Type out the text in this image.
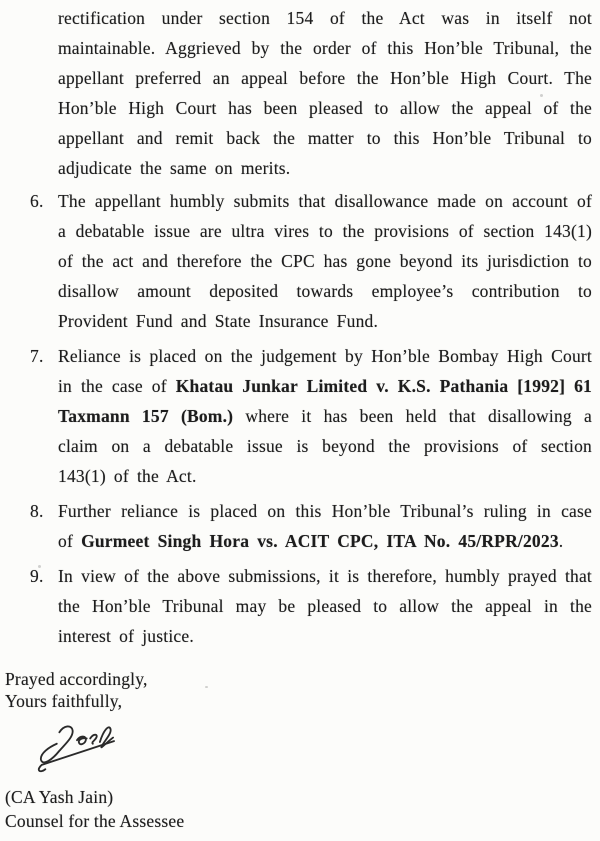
rectification under section 154 of the Act was in itself not maintainable. Aggrieved by the order of this Hon’ble Tribunal, the appellant preferred an appeal before the Hon’ble High Court. The Hon’ble High Court has been pleased to allow the appeal of the appellant and remit back the matter to this Hon’ble Tribunal to adjudicate the same on merits.

6. The appellant humbly submits that disallowance made on account of a debatable issue are ultra vires to the provisions of section 143(1) of the act and therefore the CPC has gone beyond its jurisdiction to disallow amount deposited towards employee’s contribution to Provident Fund and State Insurance Fund.
7. Reliance is placed on the judgement by Hon’ble Bombay High Court in the case of Khatau Junkar Limited v. K.S. Pathania [1992] 61 Taxmann 157 (Bom.) where it has been held that disallowing a claim on a debatable issue is beyond the provisions of section 143(1) of the Act.
8. Further reliance is placed on this Hon’ble Tribunal’s ruling in case of Gurmeet Singh Hora vs. ACIT CPC, ITA No. 45/RPR/2023.
9. In view of the above submissions, it is therefore, humbly prayed that the Hon’ble Tribunal may be pleased to allow the appeal in the interest of justice.

Prayed accordingly,

Yours faithfully,

(CA Yash Jain)

Counsel for the Assessee
